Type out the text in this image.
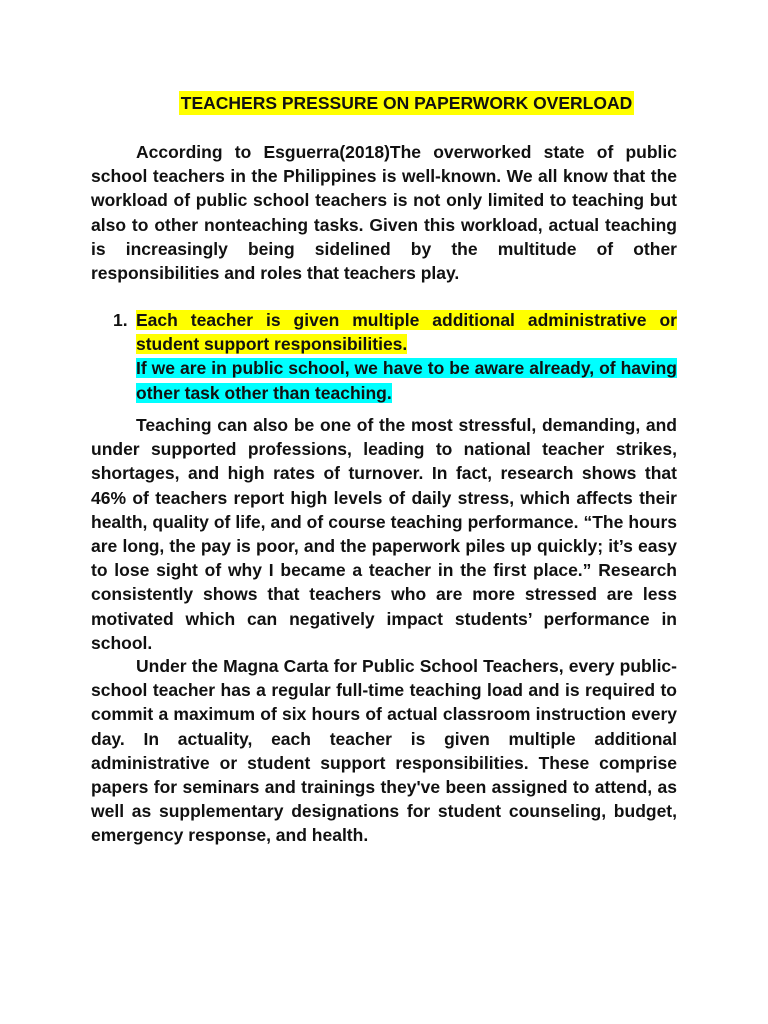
TEACHERS PRESSURE ON PAPERWORK OVERLOAD

According to Esguerra(2018)The overworked state of public school teachers in the Philippines is well-known. We all know that the workload of public school teachers is not only limited to teaching but also to other nonteaching tasks. Given this workload, actual teaching is increasingly being sidelined by the multitude of other responsibilities and roles that teachers play.

1. Each teacher is given multiple additional administrative or student support responsibilities.
If we are in public school, we have to be aware already, of having other task other than teaching.

Teaching can also be one of the most stressful, demanding, and under supported professions, leading to national teacher strikes, shortages, and high rates of turnover. In fact, research shows that 46% of teachers report high levels of daily stress, which affects their health, quality of life, and of course teaching performance. “The hours are long, the pay is poor, and the paperwork piles up quickly; it’s easy to lose sight of why I became a teacher in the first place.” Research consistently shows that teachers who are more stressed are less motivated which can negatively impact students’ performance in school.

Under the Magna Carta for Public School Teachers, every public-school teacher has a regular full-time teaching load and is required to commit a maximum of six hours of actual classroom instruction every day. In actuality, each teacher is given multiple additional administrative or student support responsibilities. These comprise papers for seminars and trainings they've been assigned to attend, as well as supplementary designations for student counseling, budget, emergency response, and health.
